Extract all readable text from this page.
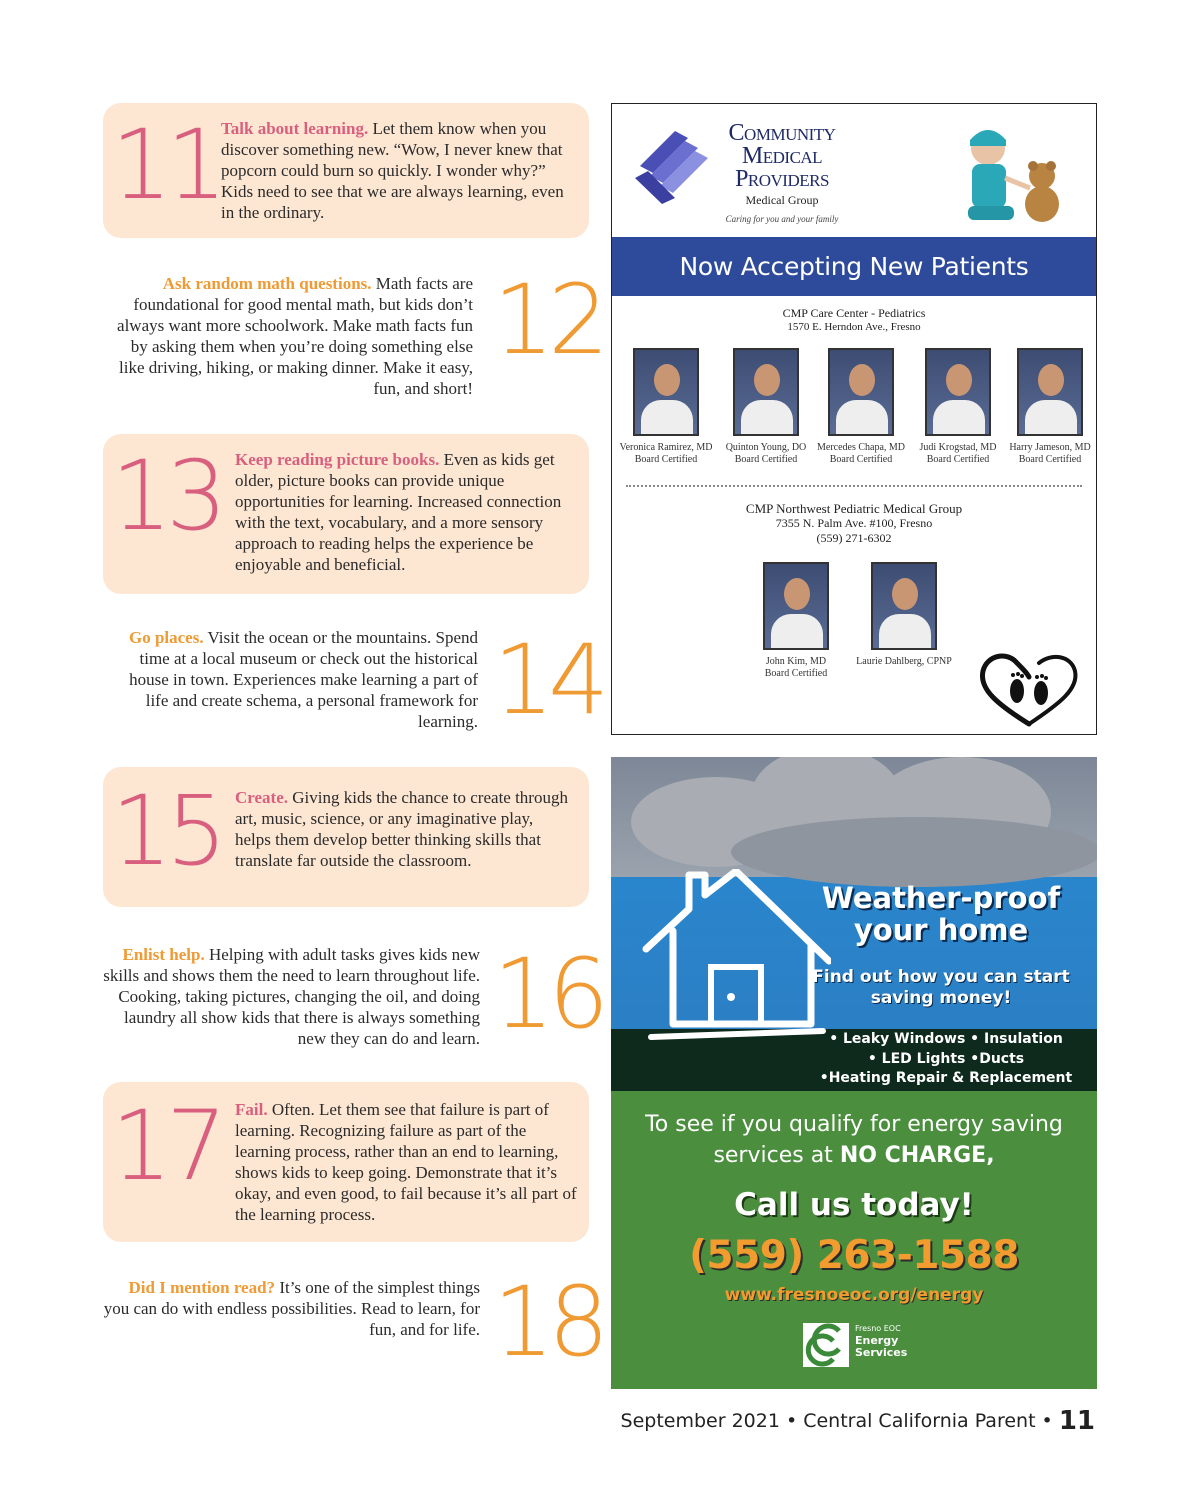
11 Talk about learning. Let them know when you discover something new. “Wow, I never knew that popcorn could burn so quickly. I wonder why?” Kids need to see that we are always learning, even in the ordinary.
Ask random math questions. Math facts are foundational for good mental math, but kids don’t always want more schoolwork. Make math facts fun by asking them when you’re doing something else like driving, hiking, or making dinner. Make it easy, fun, and short!
12
13 Keep reading picture books. Even as kids get older, picture books can provide unique opportunities for learning. Increased connection with the text, vocabulary, and a more sensory approach to reading helps the experience be enjoyable and beneficial.
Go places. Visit the ocean or the mountains. Spend time at a local museum or check out the historical house in town. Experiences make learning a part of life and create schema, a personal framework for learning. 14
15 Create. Giving kids the chance to create through art, music, science, or any imaginative play, helps them develop better thinking skills that translate far outside the classroom.
Enlist help. Helping with adult tasks gives kids new skills and shows them the need to learn throughout life. Cooking, taking pictures, changing the oil, and doing laundry all show kids that there is always something new they can do and learn. 16
17 Fail. Often. Let them see that failure is part of learning. Recognizing failure as part of the learning process, rather than an end to learning, shows kids to keep going. Demonstrate that it’s okay, and even good, to fail because it’s all part of the learning process.
Did I mention read? It’s one of the simplest things you can do with endless possibilities. Read to learn, for fun, and for life. 18
Community
Medical
Providers
Medical Group
Caring for you and your family
Now Accepting New Patients
CMP Care Center - Pediatrics
1570 E. Herndon Ave., Fresno
Veronica Ramirez, MD
Board Certified
Quinton Young, DO
Board Certified
Mercedes Chapa, MD
Board Certified
Judi Krogstad, MD
Board Certified
Harry Jameson, MD
Board Certified
CMP Northwest Pediatric Medical Group
7355 N. Palm Ave. #100, Fresno
(559) 271-6302
John Kim, MD
Board Certified
Laurie Dahlberg, CPNP
Weather-proof your home
Find out how you can start saving money!
• Leaky Windows • Insulation
• LED Lights •Ducts
•Heating Repair & Replacement
To see if you qualify for energy saving services at NO CHARGE,
Call us today!
(559) 263-1588
www.fresnoeoc.org/energy
Fresno EOC
Energy
Services
September 2021 • Central California Parent • 11
